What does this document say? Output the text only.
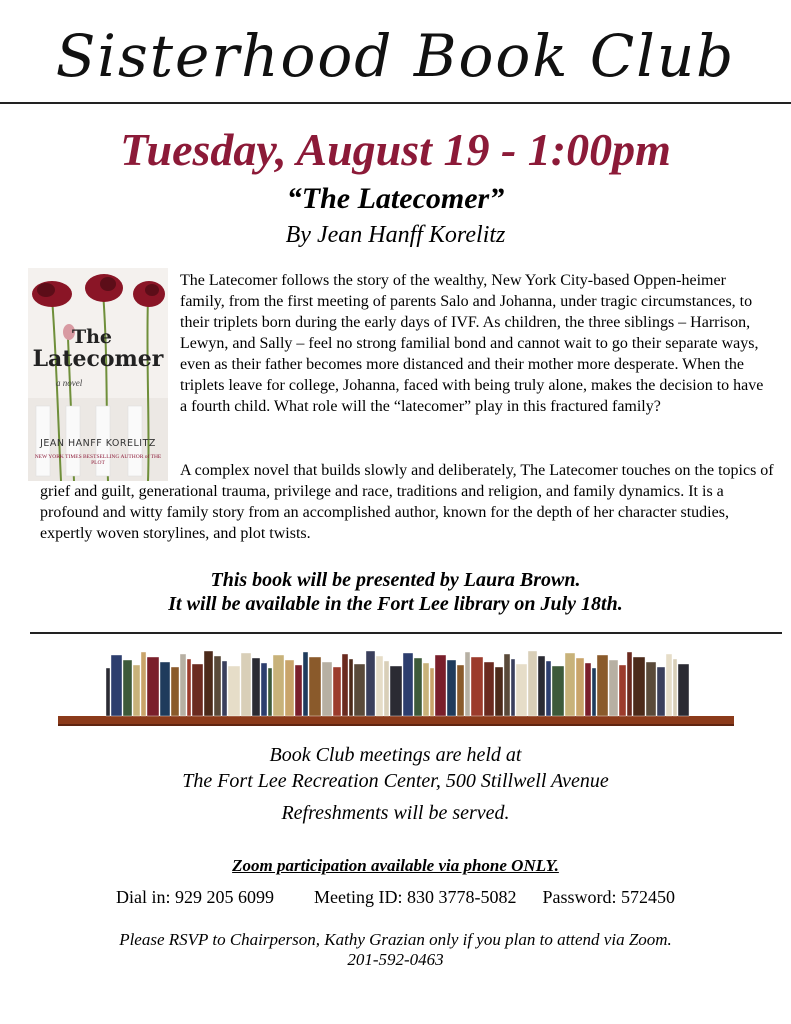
Sisterhood Book Club
Tuesday, August 19 - 1:00pm
“The Latecomer”
By Jean Hanff Korelitz
The
Latecomer
a novel
JEAN HANFF KORELITZ
NEW YORK TIMES BESTSELLING AUTHOR of THE PLOT
The Latecomer follows the story of the wealthy, New York City-based Oppen-heimer family, from the first meeting of parents Salo and Johanna, under tragic circumstances, to their triplets born during the early days of IVF. As children, the three siblings – Harrison, Lewyn, and Sally – feel no strong familial bond and cannot wait to go their separate ways, even as their father becomes more distanced and their mother more desperate. When the triplets leave for college, Johanna, faced with being truly alone, makes the decision to have a fourth child. What role will the “latecomer” play in this fractured family?
A complex novel that builds slowly and deliberately, The Latecomer touches on the topics of grief and guilt, generational trauma, privilege and race, traditions and religion, and family dynamics. It is a profound and witty family story from an accomplished author, known for the depth of her character studies, expertly woven storylines, and plot twists.
This book will be presented by Laura Brown.
It will be available in the Fort Lee library on July 18th.
Book Club meetings are held at
The Fort Lee Recreation Center, 500 Stillwell Avenue
Refreshments will be served.
Zoom participation available via phone ONLY.
Dial in: 929 205 6099 Meeting ID: 830 3778-5082 Password: 572450
Please RSVP to Chairperson, Kathy Grazian only if you plan to attend via Zoom.
201-592-0463
